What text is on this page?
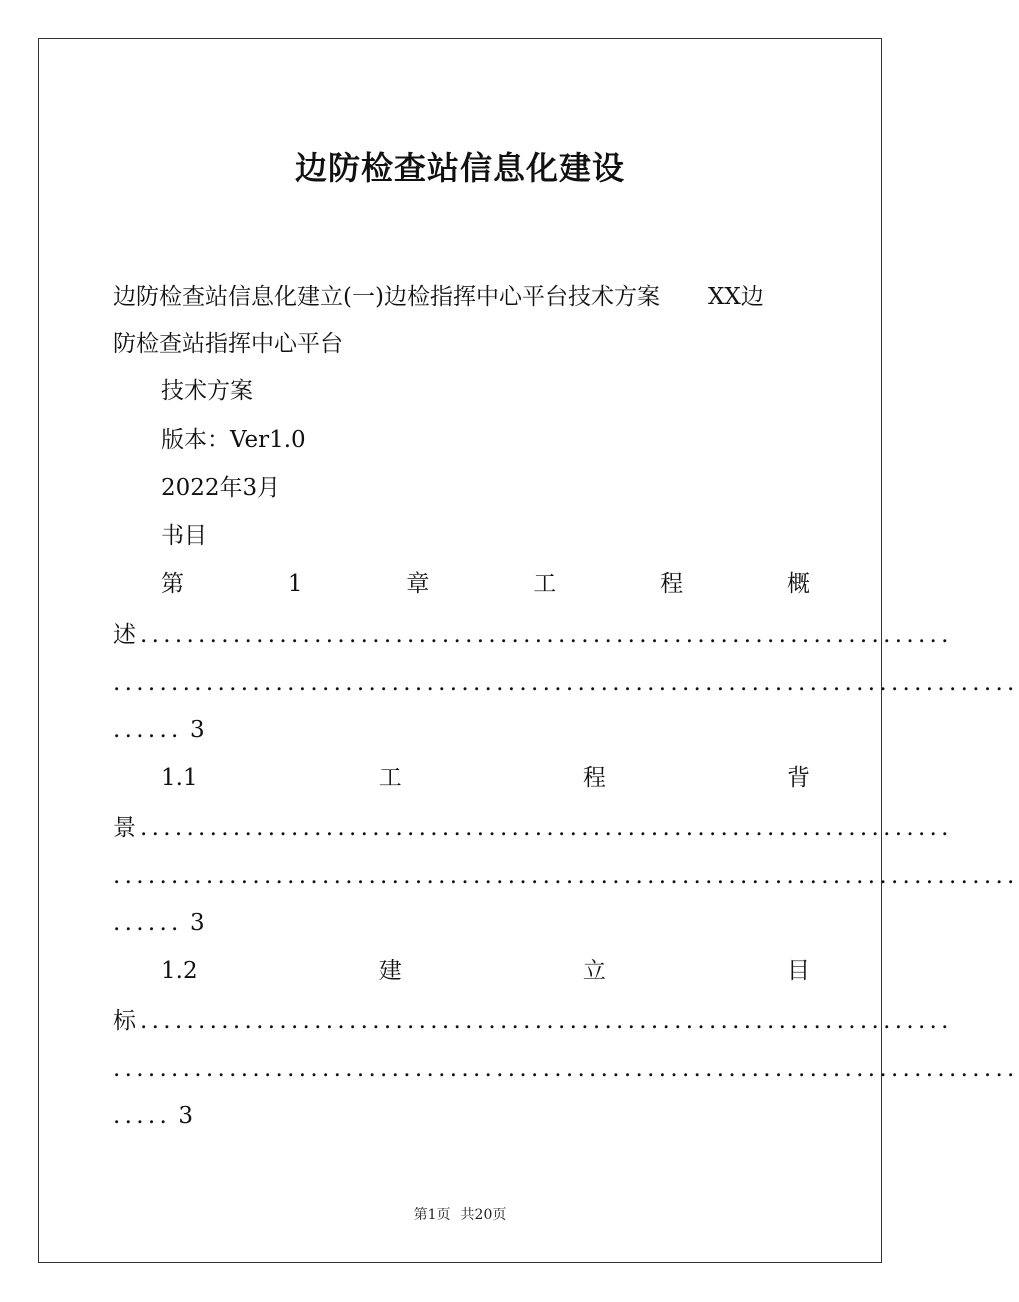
边防检查站信息化建设
边防检查站信息化建立(一)边检指挥中心平台技术方案 XX边
防检查站指挥中心平台
技术方案
版本：Ver1.0
2022年3月
书目
第	1	章	工	程	概
述 ......................................................................
..............................................................................
...... 3
1.1	工	程	背
景 ......................................................................
..............................................................................
...... 3
1.2	建	立	目
标 ......................................................................
..............................................................................
..... 3
第1页 共20页
